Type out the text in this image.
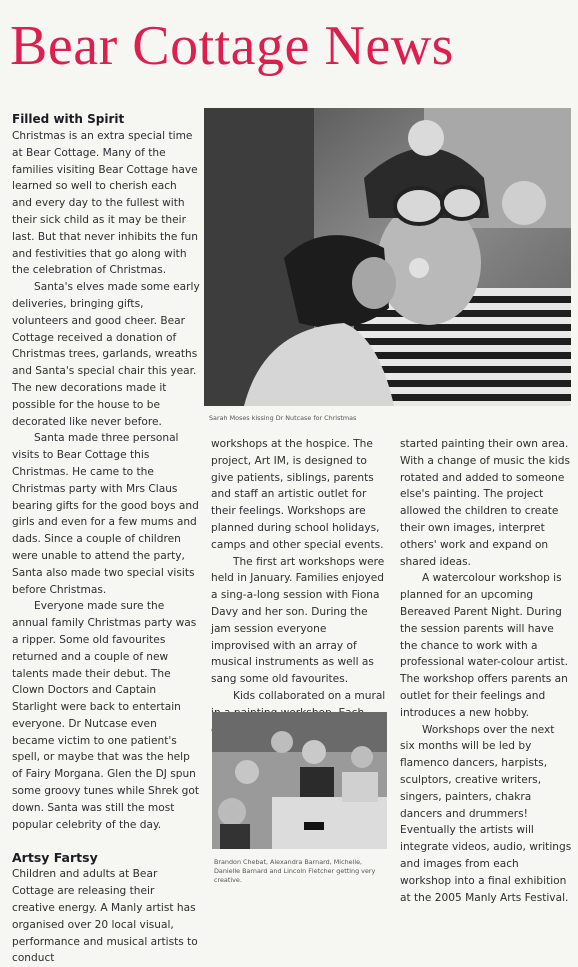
Bear Cottage News
Filled with Spirit

Christmas is an extra special time at Bear Cottage. Many of the families visiting Bear Cottage have learned so well to cherish each and every day to the fullest with their sick child as it may be their last. But that never inhibits the fun and festivities that go along with the celebration of Christmas.

Santa's elves made some early deliveries, bringing gifts, volunteers and good cheer. Bear Cottage received a donation of Christmas trees, garlands, wreaths and Santa's special chair this year. The new decorations made it possible for the house to be decorated like never before.

Santa made three personal visits to Bear Cottage this Christmas. He came to the Christmas party with Mrs Claus bearing gifts for the good boys and girls and even for a few mums and dads. Since a couple of children were unable to attend the party, Santa also made two special visits before Christmas.

Everyone made sure the annual family Christmas party was a ripper. Some old favourites returned and a couple of new talents made their debut. The Clown Doctors and Captain Starlight were back to entertain everyone. Dr Nutcase even became victim to one patient's spell, or maybe that was the help of Fairy Morgana. Glen the DJ spun some groovy tunes while Shrek got down. Santa was still the most popular celebrity of the day.

Artsy Fartsy

Children and adults at Bear Cottage are releasing their creative energy. A Manly artist has organised over 20 local visual, performance and musical artists to conduct

Sarah Moses kissing Dr Nutcase for Christmas

workshops at the hospice. The project, Art IM, is designed to give patients, siblings, parents and staff an artistic outlet for their feelings. Workshops are planned during school holidays, camps and other special events.

The first art workshops were held in January. Families enjoyed a sing-a-long session with Fiona Davy and her son. During the jam session everyone improvised with an array of musical instruments as well as sang some old favourites.

Kids collaborated on a mural

Brandon Chebat, Alexandra Barnard, Michelle, Danielle Barnard and Lincoln Fletcher getting very creative.

started painting their own area. With a change of music the kids rotated and added to someone else's painting. The project allowed the children to create their own images, interpret others' work and expand on shared ideas.

A watercolour workshop is planned for an upcoming Bereaved Parent Night. During the session parents will have the chance to work with a professional water-colour artist. The workshop offers parents an outlet for their feelings and introduces a new hobby.

Workshops over the next six months will be led by flamenco dancers, harpists, sculptors, creative writers, singers, painters, chakra dancers and drummers! Eventually the artists will integrate videos, audio, writings and images from each workshop into a final exhibition at the 2005 Manly Arts Festival.
